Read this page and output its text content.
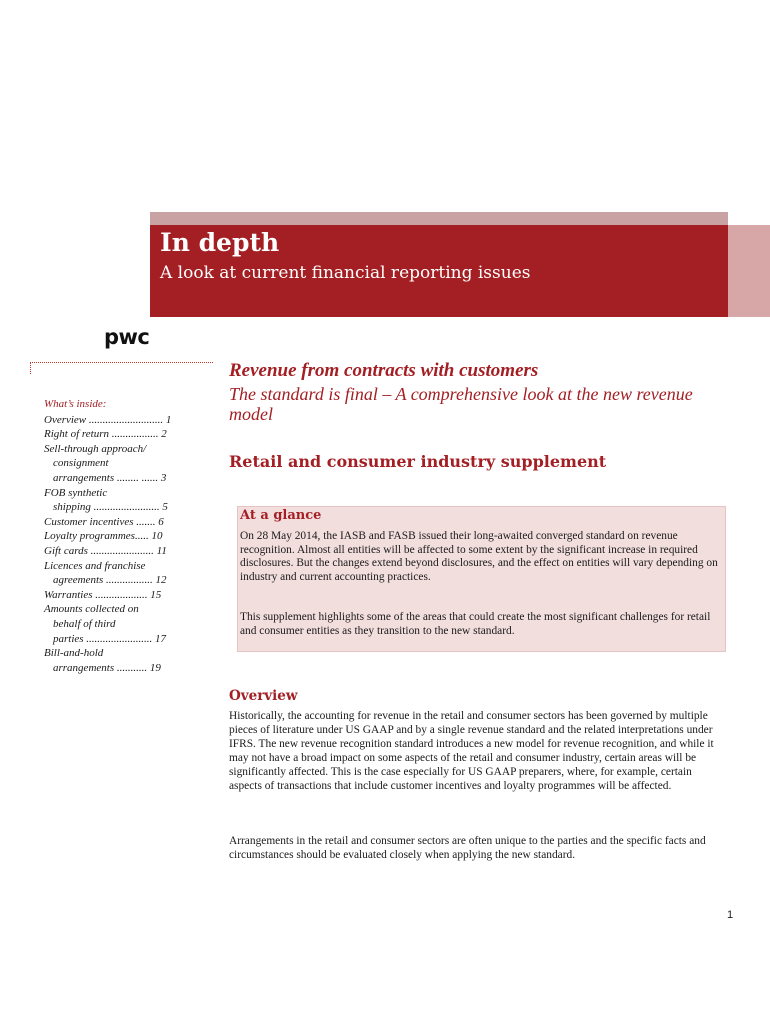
In depth

A look at current financial reporting issues

pwc
What’s inside:
Overview ........................... 1
Right of return ................. 2
Sell-through approach/
consignment
arrangements ........ ...... 3
FOB synthetic
shipping ........................ 5
Customer incentives ....... 6
Loyalty programmes..... 10
Gift cards ....................... 11
Licences and franchise
agreements ................. 12
Warranties ................... 15
Amounts collected on
behalf of third
parties ........................ 17
Bill-and-hold
arrangements ........... 19
Revenue from contracts with customers

The standard is final – A comprehensive look at the new revenue model

Retail and consumer industry supplement
At a glance

On 28 May 2014, the IASB and FASB issued their long-awaited converged standard on revenue recognition. Almost all entities will be affected to some extent by the significant increase in required disclosures. But the changes extend beyond disclosures, and the effect on entities will vary depending on industry and current accounting practices.

This supplement highlights some of the areas that could create the most significant challenges for retail and consumer entities as they transition to the new standard.

Overview

Historically, the accounting for revenue in the retail and consumer sectors has been governed by multiple pieces of literature under US GAAP and by a single revenue standard and the related interpretations under IFRS. The new revenue recognition standard introduces a new model for revenue recognition, and while it may not have a broad impact on some aspects of the retail and consumer industry, certain areas will be significantly affected. This is the case especially for US GAAP preparers, where, for example, certain aspects of transactions that include customer incentives and loyalty programmes will be affected.

Arrangements in the retail and consumer sectors are often unique to the parties and the specific facts and circumstances should be evaluated closely when applying the new standard.

1
